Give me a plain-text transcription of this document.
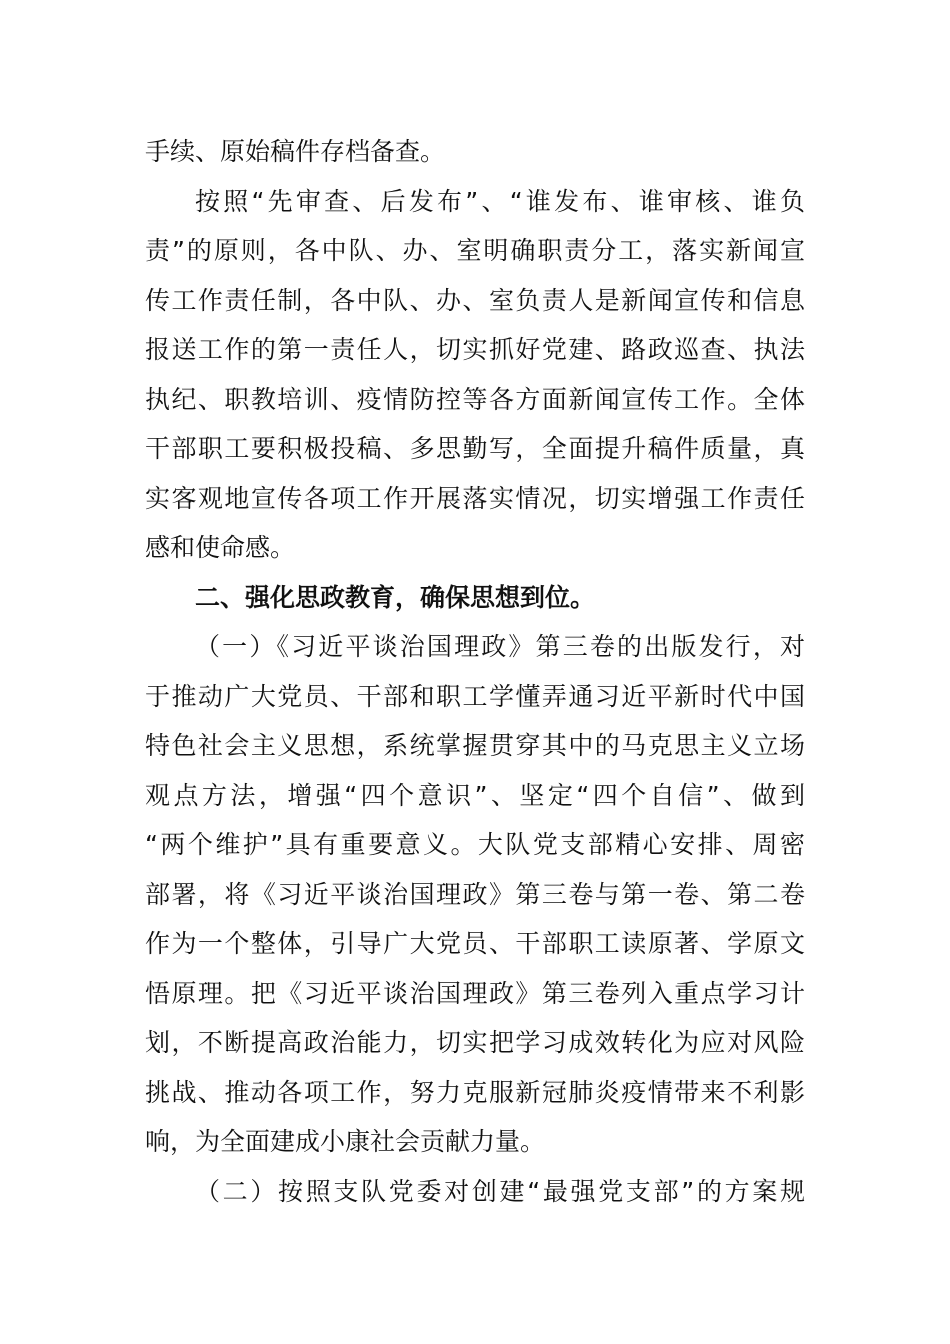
手续、原始稿件存档备查。
按照“先审查、后发布”、“谁发布、谁审核、谁负
责”的原则，各中队、办、室明确职责分工，落实新闻宣
传工作责任制，各中队、办、室负责人是新闻宣传和信息
报送工作的第一责任人，切实抓好党建、路政巡查、执法
执纪、职教培训、疫情防控等各方面新闻宣传工作。全体
干部职工要积极投稿、多思勤写，全面提升稿件质量，真
实客观地宣传各项工作开展落实情况，切实增强工作责任
感和使命感。
二、强化思政教育，确保思想到位。
（一）《习近平谈治国理政》第三卷的出版发行，对
于推动广大党员、干部和职工学懂弄通习近平新时代中国
特色社会主义思想，系统掌握贯穿其中的马克思主义立场
观点方法，增强“四个意识”、坚定“四个自信”、做到
“两个维护”具有重要意义。大队党支部精心安排、周密
部署，将《习近平谈治国理政》第三卷与第一卷、第二卷
作为一个整体，引导广大党员、干部职工读原著、学原文
悟原理。把《习近平谈治国理政》第三卷列入重点学习计
划，不断提高政治能力，切实把学习成效转化为应对风险
挑战、推动各项工作，努力克服新冠肺炎疫情带来不利影
响，为全面建成小康社会贡献力量。
（二）按照支队党委对创建“最强党支部”的方案规
